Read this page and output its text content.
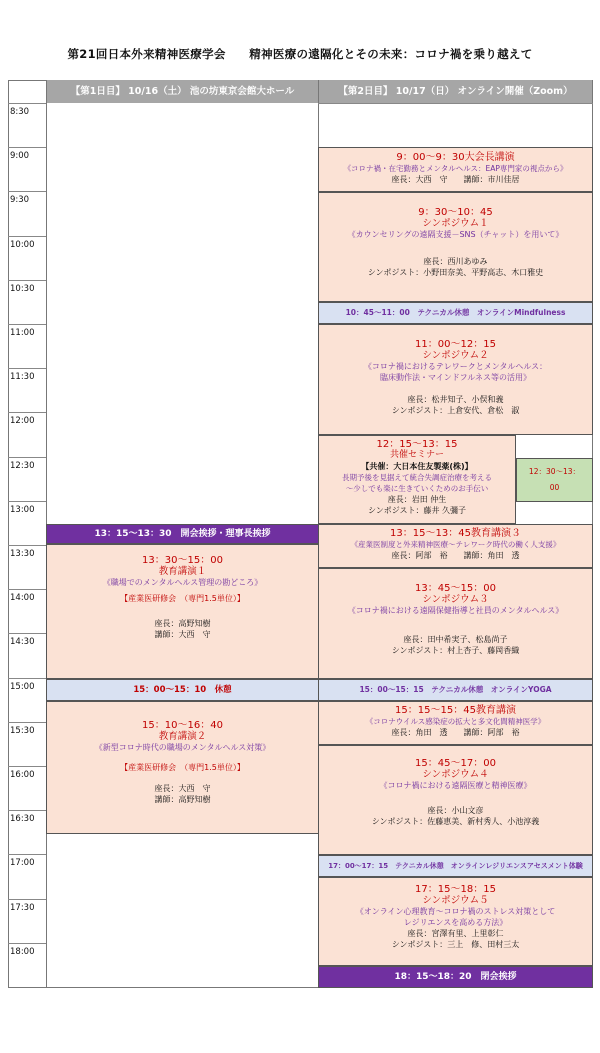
第21回日本外来精神医療学会　　精神医療の遠隔化とその未来：コロナ禍を乗り越えて
【第1日目】 10/16（土） 池の坊東京会館大ホール	【第2日目】 10/17（日） オンライン開催（Zoom）
8:30
9:00
9:30
10:00
10:30
11:00
11:30
12:00
12:30
13:00
13:30
14:00
14:30
15:00
15:30
16:00
16:30
17:00
17:30
18:00
13：15～13：30　開会挨拶・理事長挨拶

13：30～15：00

教育講演１

《職場でのメンタルヘルス管理の勘どころ》

【産業医研修会　（専門1.5単位）】

座長：高野知樹

講師：大西　守

15：00～15：10　休憩

15：10～16：40

教育講演２

《新型コロナ時代の職場のメンタルヘルス対策》

【産業医研修会　（専門1.5単位）】

座長：大西　守

講師：高野知樹

9：00～9：30大会長講演

《コロナ禍・在宅勤務とメンタルヘルス：EAP専門家の視点から》

座長：大西　守　　講師：市川佳居

9：30～10：45

シンポジウム１

《カウンセリングの遠隔支援－SNS（チャット）を用いて》

座長：西川あゆみ

シンポジスト：小野田奈美、平野高志、木口雅史

10：45～11：00　テクニカル休憩　オンラインMindfulness

11：00～12：15

シンポジウム２

《コロナ禍におけるテレワークとメンタルヘルス：

臨床動作法・マインドフルネス等の活用》

座長：松井知子、小俣和義

シンポジスト：上倉安代、倉松　淑

12：15～13：15

共催セミナー

【共催：大日本住友製薬(株)】

長期予後を見据えて統合失調症治療を考える

～少しでも楽に生きていくためのお手伝い

座長：岩田 仲生

シンポジスト：藤井 久彌子

12：30～13：

00

13：15～13：45教育講演３

《産業医制度と外来精神医療～テレワーク時代の働く人支援》

座長：阿部　裕　　講師：角田　透

13：45～15：00

シンポジウム３

《コロナ禍における遠隔保健指導と社員のメンタルヘルス》

座長：田中希実子、松島尚子

シンポジスト：村上杏子、藤岡香織

15：00～15：15　テクニカル休憩　オンラインYOGA

15：15～15：45教育講演

《コロナウイルス感染症の拡大と多文化間精神医学》

座長：角田　透　　講師：阿部　裕

15：45～17：00

シンポジウム４

《コロナ禍における遠隔医療と精神医療》

座長：小山文彦

シンポジスト：佐藤恵美、新村秀人、小池淳義

17：00～17：15　テクニカル休憩　オンラインレジリエンスアセスメント体験

17：15～18：15

シンポジウム５

《オンライン心理教育～コロナ禍のストレス対策として

レジリエンスを高める方法》

座長：宮澤有里、上里彰仁

シンポジスト：三上　修、田村三太

18：15～18：20　閉会挨拶
